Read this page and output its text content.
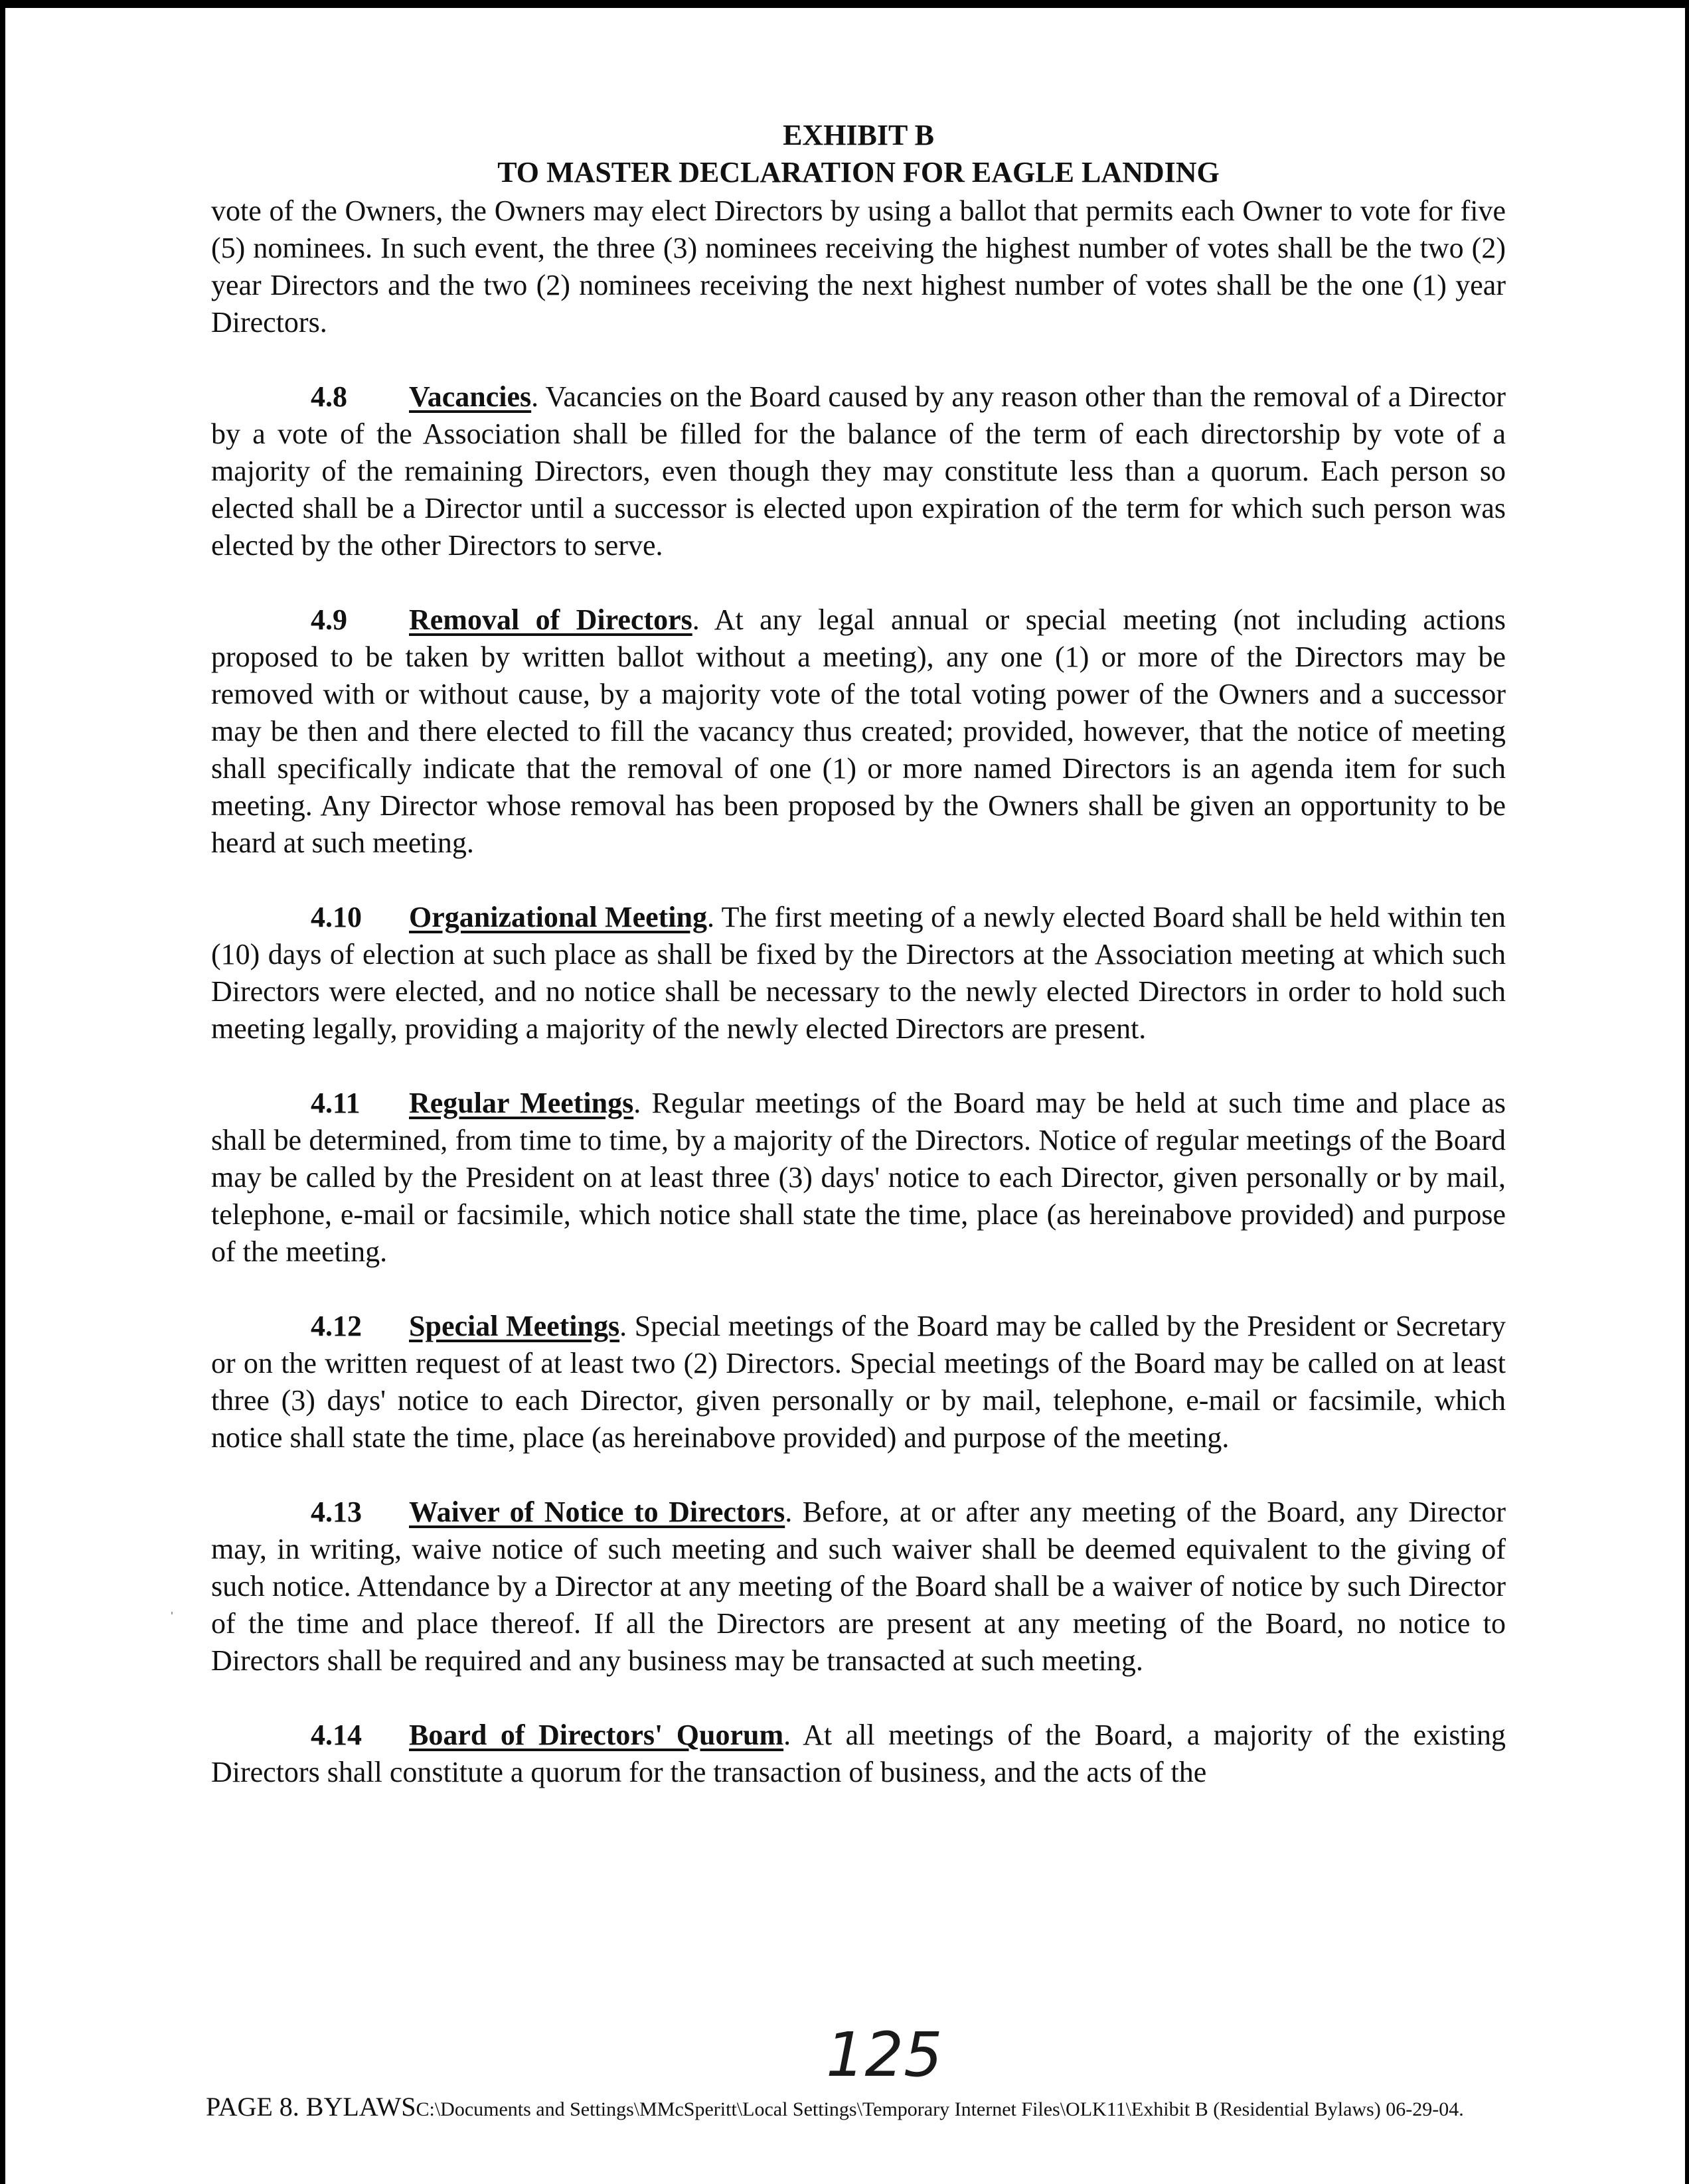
EXHIBIT B
TO MASTER DECLARATION FOR EAGLE LANDING

vote of the Owners, the Owners may elect Directors by using a ballot that permits each Owner to vote for five (5) nominees. In such event, the three (3) nominees receiving the highest number of votes shall be the two (2) year Directors and the two (2) nominees receiving the next highest number of votes shall be the one (1) year Directors.

4.8 Vacancies. Vacancies on the Board caused by any reason other than the removal of a Director by a vote of the Association shall be filled for the balance of the term of each directorship by vote of a majority of the remaining Directors, even though they may constitute less than a quorum. Each person so elected shall be a Director until a successor is elected upon expiration of the term for which such person was elected by the other Directors to serve.

4.9 Removal of Directors. At any legal annual or special meeting (not including actions proposed to be taken by written ballot without a meeting), any one (1) or more of the Directors may be removed with or without cause, by a majority vote of the total voting power of the Owners and a successor may be then and there elected to fill the vacancy thus created; provided, however, that the notice of meeting shall specifically indicate that the removal of one (1) or more named Directors is an agenda item for such meeting. Any Director whose removal has been proposed by the Owners shall be given an opportunity to be heard at such meeting.

4.10 Organizational Meeting. The first meeting of a newly elected Board shall be held within ten (10) days of election at such place as shall be fixed by the Directors at the Association meeting at which such Directors were elected, and no notice shall be necessary to the newly elected Directors in order to hold such meeting legally, providing a majority of the newly elected Directors are present.

4.11 Regular Meetings. Regular meetings of the Board may be held at such time and place as shall be determined, from time to time, by a majority of the Directors. Notice of regular meetings of the Board may be called by the President on at least three (3) days' notice to each Director, given personally or by mail, telephone, e-mail or facsimile, which notice shall state the time, place (as hereinabove provided) and purpose of the meeting.

4.12 Special Meetings. Special meetings of the Board may be called by the President or Secretary or on the written request of at least two (2) Directors. Special meetings of the Board may be called on at least three (3) days' notice to each Director, given personally or by mail, telephone, e-mail or facsimile, which notice shall state the time, place (as hereinabove provided) and purpose of the meeting.

4.13 Waiver of Notice to Directors. Before, at or after any meeting of the Board, any Director may, in writing, waive notice of such meeting and such waiver shall be deemed equivalent to the giving of such notice. Attendance by a Director at any meeting of the Board shall be a waiver of notice by such Director of the time and place thereof. If all the Directors are present at any meeting of the Board, no notice to Directors shall be required and any business may be transacted at such meeting.

4.14 Board of Directors' Quorum. At all meetings of the Board, a majority of the existing Directors shall constitute a quorum for the transaction of business, and the acts of the

125
PAGE 8. BYLAWSC:\Documents and Settings\MMcSperitt\Local Settings\Temporary Internet Files\OLK11\Exhibit B (Residential Bylaws) 06-29-04.
